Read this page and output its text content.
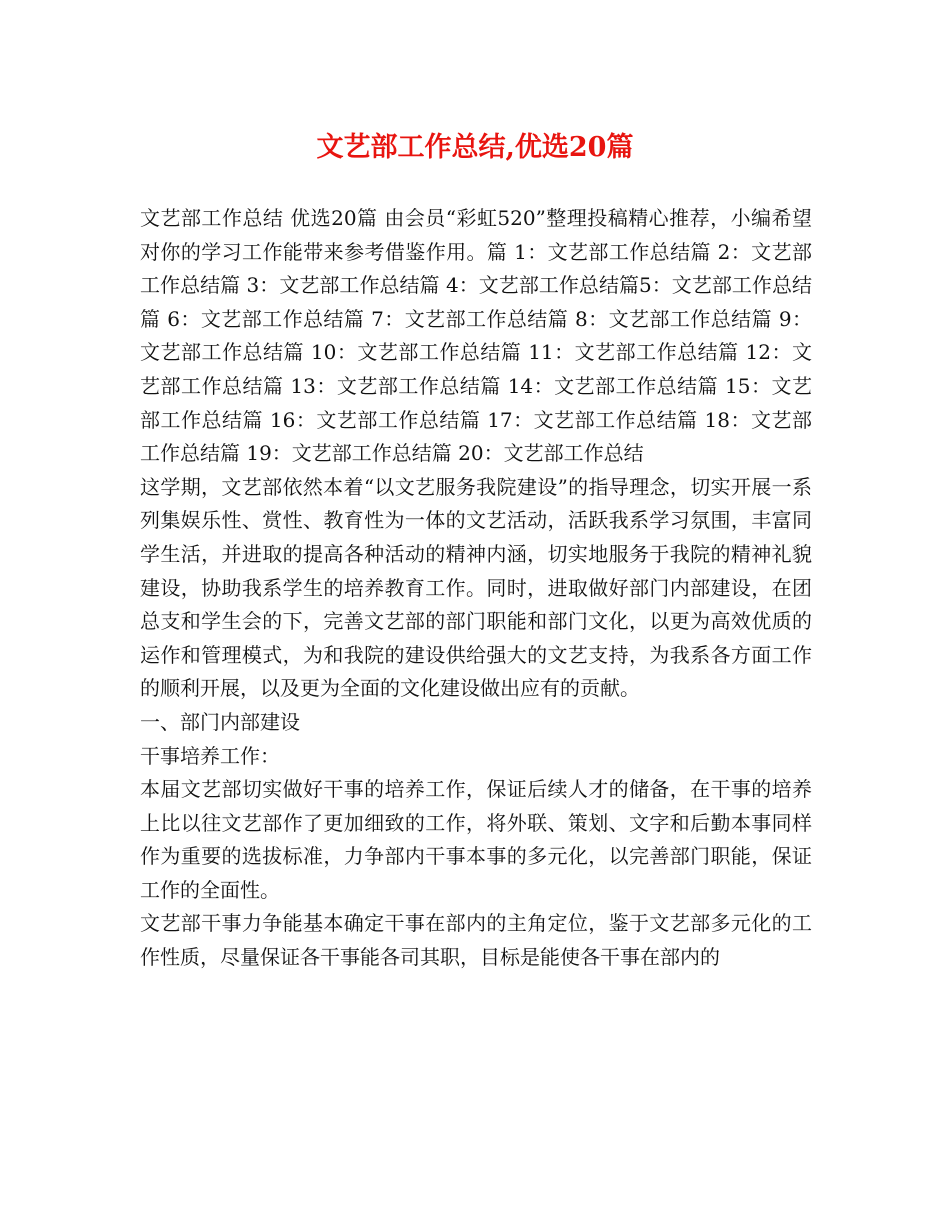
文艺部工作总结,优选20篇

文艺部工作总结 优选20篇 由会员“彩虹520”整理投稿精心推荐，小编希望对你的学习工作能带来参考借鉴作用。篇 1：文艺部工作总结篇 2：文艺部工作总结篇 3：文艺部工作总结篇 4：文艺部工作总结篇5：文艺部工作总结篇 6：文艺部工作总结篇 7：文艺部工作总结篇 8：文艺部工作总结篇 9：文艺部工作总结篇 10：文艺部工作总结篇 11：文艺部工作总结篇 12：文艺部工作总结篇 13：文艺部工作总结篇 14：文艺部工作总结篇 15：文艺部工作总结篇 16：文艺部工作总结篇 17：文艺部工作总结篇 18：文艺部工作总结篇 19：文艺部工作总结篇 20：文艺部工作总结

这学期，文艺部依然本着“以文艺服务我院建设”的指导理念，切实开展一系列集娱乐性、赏性、教育性为一体的文艺活动，活跃我系学习氛围，丰富同学生活，并进取的提高各种活动的精神内涵，切实地服务于我院的精神礼貌建设，协助我系学生的培养教育工作。同时，进取做好部门内部建设，在团总支和学生会的下，完善文艺部的部门职能和部门文化，以更为高效优质的运作和管理模式，为和我院的建设供给强大的文艺支持，为我系各方面工作的顺利开展，以及更为全面的文化建设做出应有的贡献。

一、部门内部建设

干事培养工作：

本届文艺部切实做好干事的培养工作，保证后续人才的储备，在干事的培养上比以往文艺部作了更加细致的工作，将外联、策划、文字和后勤本事同样作为重要的选拔标准，力争部内干事本事的多元化，以完善部门职能，保证工作的全面性。

文艺部干事力争能基本确定干事在部内的主角定位，鉴于文艺部多元化的工作性质，尽量保证各干事能各司其职，目标是能使各干事在部内的
